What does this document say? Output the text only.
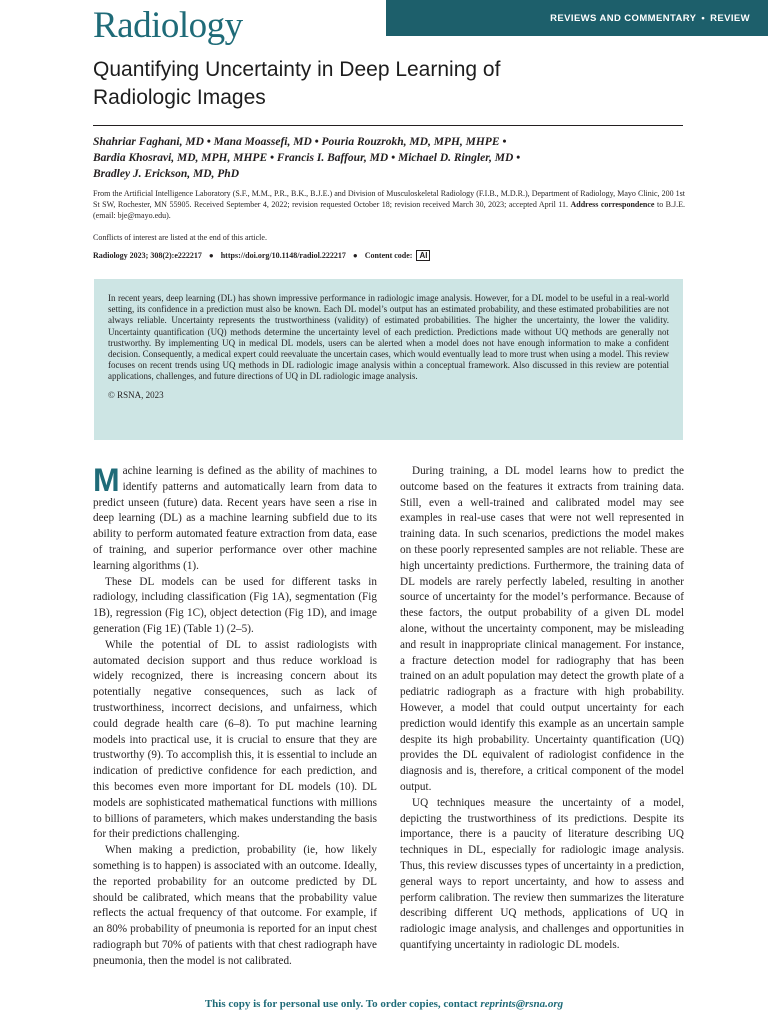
Radiology	REVIEWS AND COMMENTARY • REVIEW
Quantifying Uncertainty in Deep Learning of
Radiologic Images
Shahriar Faghani, MD • Mana Moassefi, MD • Pouria Rouzrokh, MD, MPH, MHPE •
Bardia Khosravi, MD, MPH, MHPE • Francis I. Baffour, MD • Michael D. Ringler, MD •
Bradley J. Erickson, MD, PhD
From the Artificial Intelligence Laboratory (S.F., M.M., P.R., B.K., B.J.E.) and Division of Musculoskeletal Radiology (F.I.B., M.D.R.), Department of Radiology, Mayo Clinic, 200 1st St SW, Rochester, MN 55905. Received September 4, 2022; revision requested October 18; revision received March 30, 2023; accepted April 11. Address correspondence to B.J.E. (email: bje@mayo.edu).
Conflicts of interest are listed at the end of this article.
Radiology 2023; 308(2):e222217 ● https://doi.org/10.1148/radiol.222217 ● Content code: AI
In recent years, deep learning (DL) has shown impressive performance in radiologic image analysis. However, for a DL model to be useful in a real-world setting, its confidence in a prediction must also be known. Each DL model’s output has an estimated probability, and these estimated probabilities are not always reliable. Uncertainty represents the trustworthiness (validity) of estimated probabilities. The higher the uncertainty, the lower the validity. Uncertainty quantification (UQ) methods determine the uncertainty level of each prediction. Predictions made without UQ methods are generally not trustworthy. By implementing UQ in medical DL models, users can be alerted when a model does not have enough information to make a confident decision. Consequently, a medical expert could reevaluate the uncertain cases, which would eventually lead to more trust when using a model. This review focuses on recent trends using UQ methods in DL radiologic image analysis within a conceptual framework. Also discussed in this review are potential applications, challenges, and future directions of UQ in DL radiologic image analysis.
© RSNA, 2023

Machine learning is defined as the ability of machines to identify patterns and automatically learn from data to predict unseen (future) data. Recent years have seen a rise in deep learning (DL) as a machine learning subfield due to its ability to perform automated feature extraction from data, ease of training, and superior performance over other machine learning algorithms (1).

These DL models can be used for different tasks in radiology, including classification (Fig 1A), segmentation (Fig 1B), regression (Fig 1C), object detection (Fig 1D), and image generation (Fig 1E) (Table 1) (2–5).

While the potential of DL to assist radiologists with automated decision support and thus reduce workload is widely recognized, there is increasing concern about its potentially negative consequences, such as lack of trustworthiness, incorrect decisions, and unfairness, which could degrade health care (6–8). To put machine learning models into practical use, it is crucial to ensure that they are trustworthy (9). To accomplish this, it is essential to include an indication of predictive confidence for each prediction, and this becomes even more important for DL models (10). DL models are sophisticated mathematical functions with millions to billions of parameters, which makes understanding the basis for their predictions challenging.

When making a prediction, probability (ie, how likely something is to happen) is associated with an outcome. Ideally, the reported probability for an outcome predicted by DL should be calibrated, which means that the probability value reflects the actual frequency of that outcome. For example, if an 80% probability of pneumonia is reported for an input chest radiograph but 70% of patients with that chest radiograph have pneumonia, then the model is not calibrated.

During training, a DL model learns how to predict the outcome based on the features it extracts from training data. Still, even a well-trained and calibrated model may see examples in real-use cases that were not well represented in training data. In such scenarios, predictions the model makes on these poorly represented samples are not reliable. These are high uncertainty predictions. Furthermore, the training data of DL models are rarely perfectly labeled, resulting in another source of uncertainty for the model’s performance. Because of these factors, the output probability of a given DL model alone, without the uncertainty component, may be misleading and result in inappropriate clinical management. For instance, a fracture detection model for radiography that has been trained on an adult population may detect the growth plate of a pediatric radiograph as a fracture with high probability. However, a model that could output uncertainty for each prediction would identify this example as an uncertain sample despite its high probability. Uncertainty quantification (UQ) provides the DL equivalent of radiologist confidence in the diagnosis and is, therefore, a critical component of the model output.

UQ techniques measure the uncertainty of a model, depicting the trustworthiness of its predictions. Despite its importance, there is a paucity of literature describing UQ techniques in DL, especially for radiologic image analysis. Thus, this review discusses types of uncertainty in a prediction, general ways to report uncertainty, and how to assess and perform calibration. The review then summarizes the literature describing different UQ methods, applications of UQ in radiologic image analysis, and challenges and opportunities in quantifying uncertainty in radiologic DL models.

This copy is for personal use only. To order copies, contact reprints@rsna.org
